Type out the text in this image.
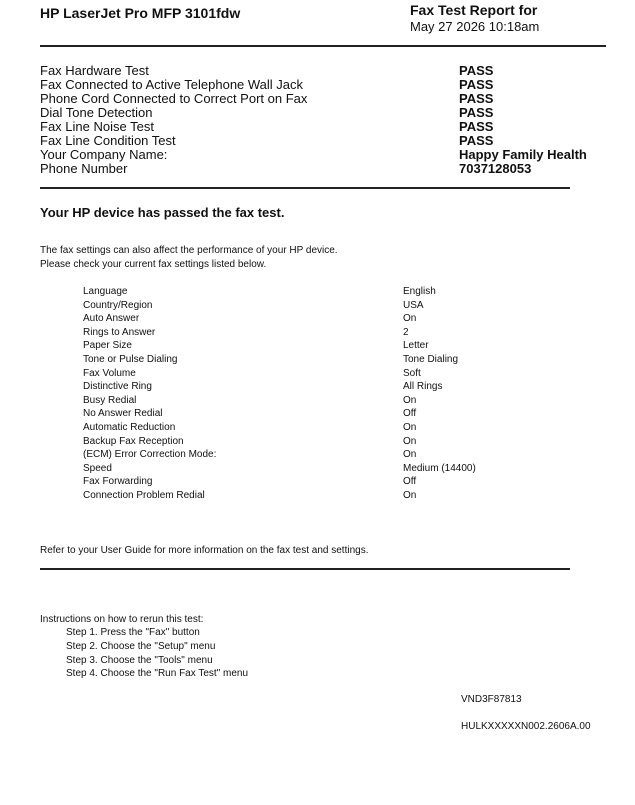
HP LaserJet Pro MFP 3101fdw	Fax Test Report for
May 27 2026 10:18am
Fax Hardware Test	PASS
Fax Connected to Active Telephone Wall Jack	PASS
Phone Cord Connected to Correct Port on Fax	PASS
Dial Tone Detection	PASS
Fax Line Noise Test	PASS
Fax Line Condition Test	PASS
Your Company Name:	Happy Family Health
Phone Number	7037128053
Your HP device has passed the fax test.
The fax settings can also affect the performance of your HP device.
Please check your current fax settings listed below.
Language	English
Country/Region	USA
Auto Answer	On
Rings to Answer	2
Paper Size	Letter
Tone or Pulse Dialing	Tone Dialing
Fax Volume	Soft
Distinctive Ring	All Rings
Busy Redial	On
No Answer Redial	Off
Automatic Reduction	On
Backup Fax Reception	On
(ECM) Error Correction Mode:	On
Speed	Medium (14400)
Fax Forwarding	Off
Connection Problem Redial	On
Refer to your User Guide for more information on the fax test and settings.
Instructions on how to rerun this test:
Step 1. Press the "Fax" button
Step 2. Choose the "Setup" menu
Step 3. Choose the "Tools" menu
Step 4. Choose the "Run Fax Test" menu
VND3F87813
HULKXXXXXN002.2606A.00
